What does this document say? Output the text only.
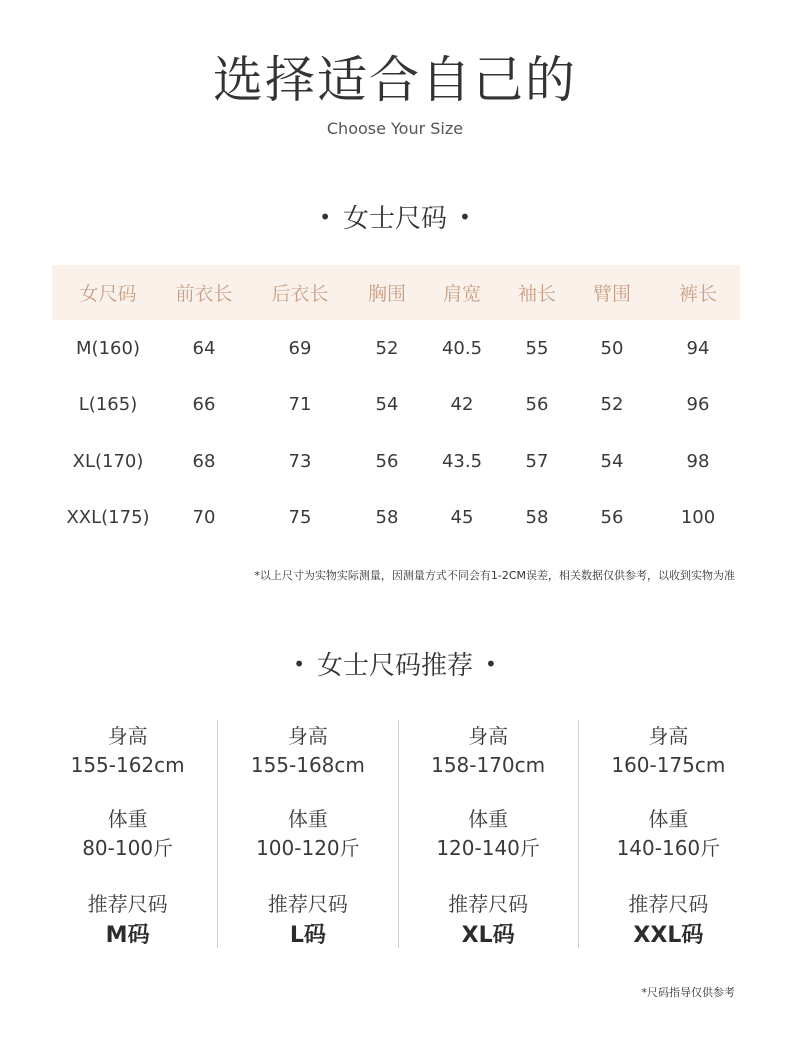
选择适合自己的
Choose Your Size
• 女士尺码 •
女尺码	前衣长	后衣长	胸围	肩宽	袖长	臂围	裤长
M(160)	64	69	52	40.5	55	50	94
L(165)	66	71	54	42	56	52	96
XL(170)	68	73	56	43.5	57	54	98
XXL(175)	70	75	58	45	58	56	100
*以上尺寸为实物实际测量，因测量方式不同会有1-2CM误差，相关数据仅供参考，以收到实物为准
• 女士尺码推荐 •
身高
155-162cm
体重
80-100斤
推荐尺码
M码
身高
155-168cm
体重
100-120斤
推荐尺码
L码
身高
158-170cm
体重
120-140斤
推荐尺码
XL码
身高
160-175cm
体重
140-160斤
推荐尺码
XXL码
*尺码指导仅供参考
